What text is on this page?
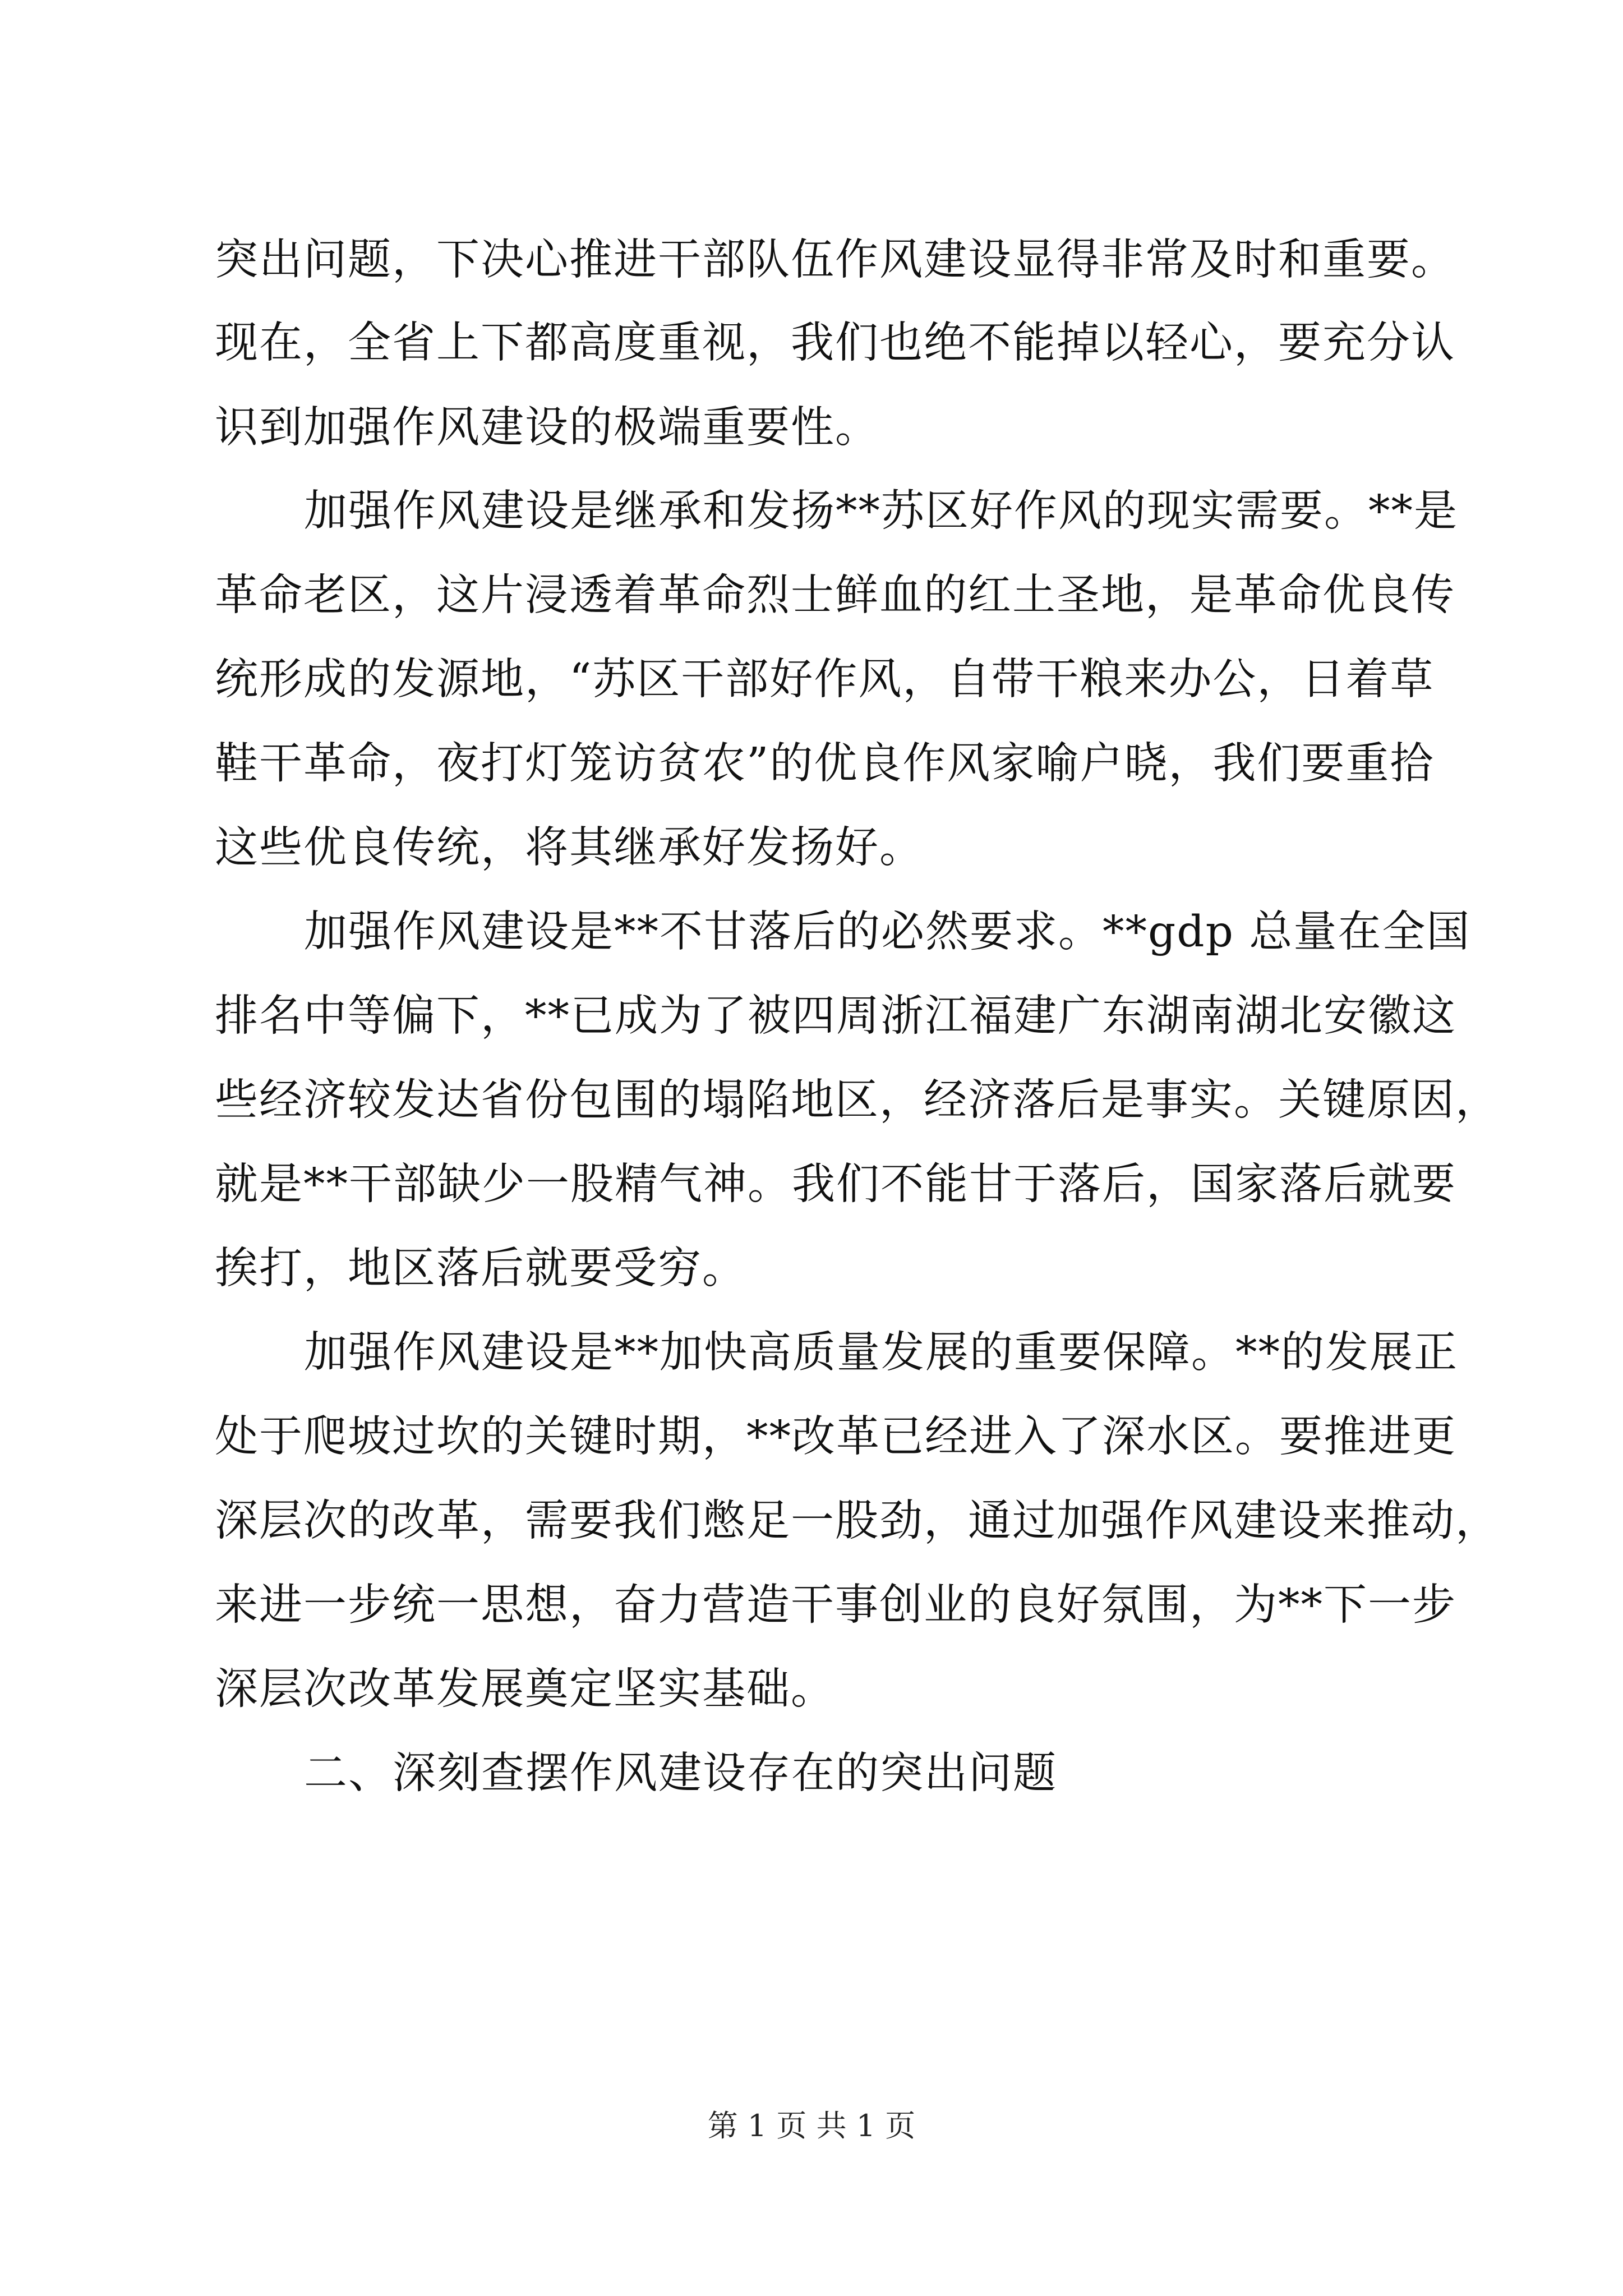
突出问题，下决心推进干部队伍作风建设显得非常及时和重要。
现在，全省上下都高度重视，我们也绝不能掉以轻心，要充分认
识到加强作风建设的极端重要性。
加强作风建设是继承和发扬**苏区好作风的现实需要。**是
革命老区，这片浸透着革命烈士鲜血的红土圣地，是革命优良传
统形成的发源地，“苏区干部好作风，自带干粮来办公，日着草
鞋干革命，夜打灯笼访贫农”的优良作风家喻户晓，我们要重拾
这些优良传统，将其继承好发扬好。
加强作风建设是**不甘落后的必然要求。**gdp 总量在全国
排名中等偏下，**已成为了被四周浙江福建广东湖南湖北安徽这
些经济较发达省份包围的塌陷地区，经济落后是事实。关键原因，
就是**干部缺少一股精气神。我们不能甘于落后，国家落后就要
挨打，地区落后就要受穷。
加强作风建设是**加快高质量发展的重要保障。**的发展正
处于爬坡过坎的关键时期，**改革已经进入了深水区。要推进更
深层次的改革，需要我们憋足一股劲，通过加强作风建设来推动，
来进一步统一思想，奋力营造干事创业的良好氛围，为**下一步
深层次改革发展奠定坚实基础。
二、深刻查摆作风建设存在的突出问题
第 1 页 共 1 页
